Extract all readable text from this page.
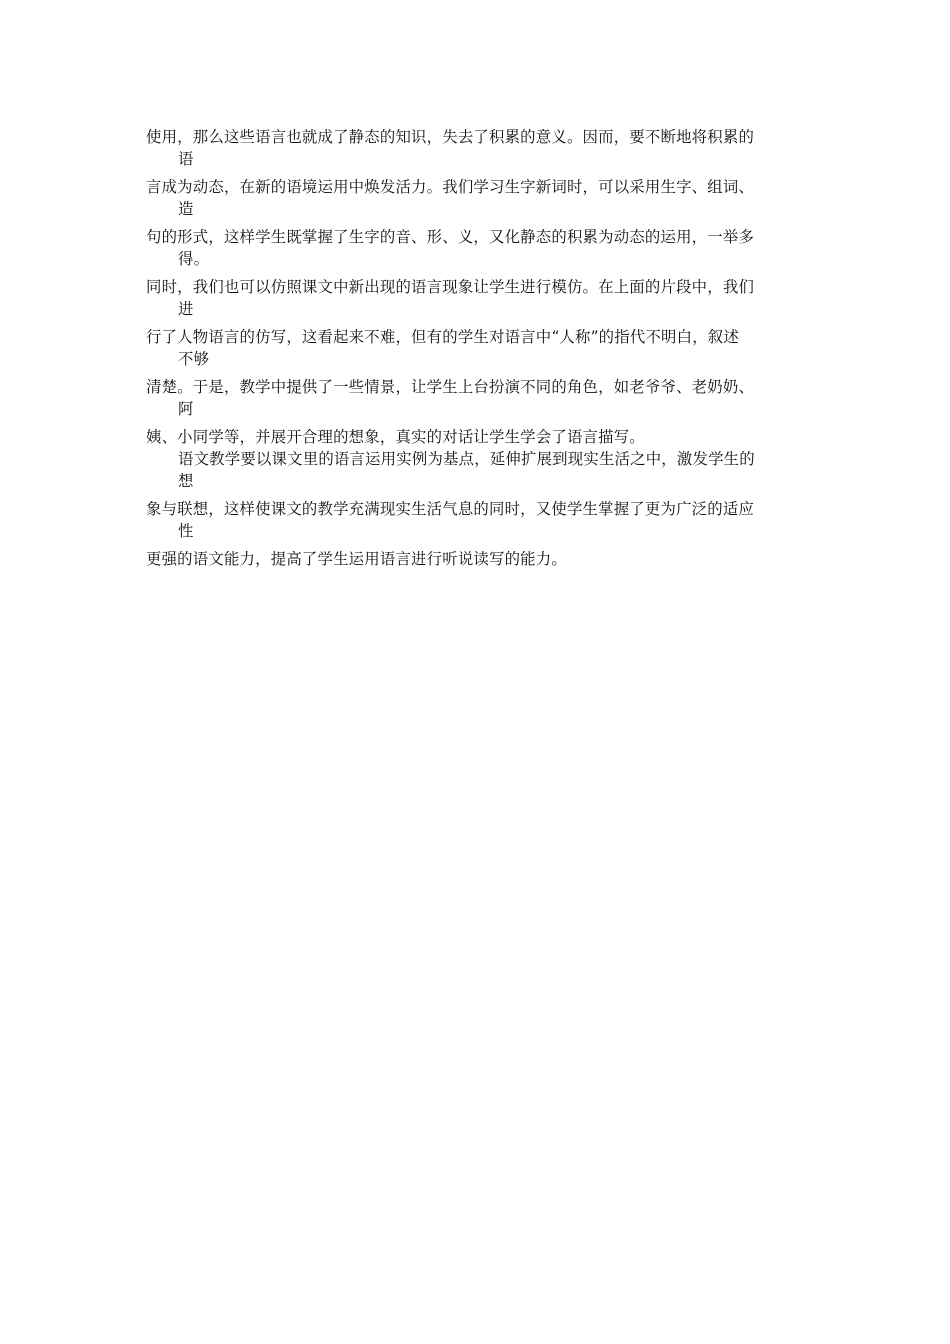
使用，那么这些语言也就成了静态的知识，失去了积累的意义。因而，要不断地将积累的
语
言成为动态，在新的语境运用中焕发活力。我们学习生字新词时，可以采用生字、组词、
造
句的形式，这样学生既掌握了生字的音、形、义，又化静态的积累为动态的运用，一举多
得。
同时，我们也可以仿照课文中新出现的语言现象让学生进行模仿。在上面的片段中，我们
进
行了人物语言的仿写，这看起来不难，但有的学生对语言中“人称”的指代不明白，叙述
不够
清楚。于是，教学中提供了一些情景，让学生上台扮演不同的角色，如老爷爷、老奶奶、
阿
姨、小同学等，并展开合理的想象，真实的对话让学生学会了语言描写。
语文教学要以课文里的语言运用实例为基点，延伸扩展到现实生活之中，激发学生的
想
象与联想，这样使课文的教学充满现实生活气息的同时，又使学生掌握了更为广泛的适应
性
更强的语文能力，提高了学生运用语言进行听说读写的能力。
